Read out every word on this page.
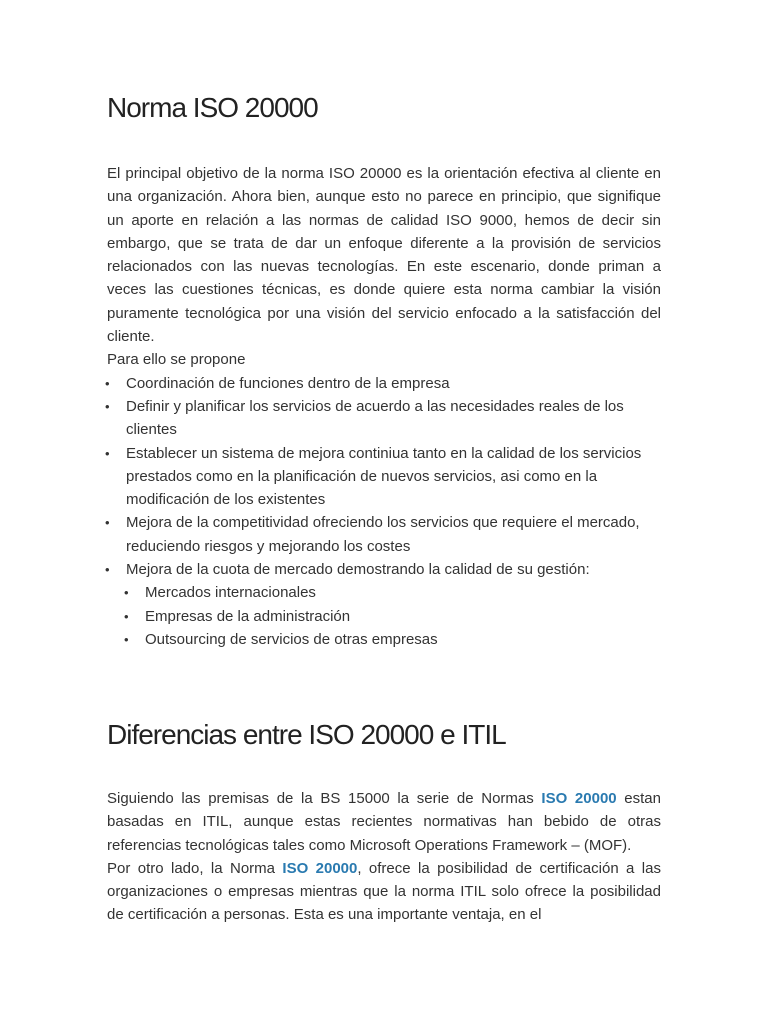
Norma ISO 20000

El principal objetivo de la norma ISO 20000 es la orientación efectiva al cliente en una organización. Ahora bien, aunque esto no parece en principio, que signifique un aporte en relación a las normas de calidad ISO 9000, hemos de decir sin embargo, que se trata de dar un enfoque diferente a la provisión de servicios relacionados con las nuevas tecnologías. En este escenario, donde priman a veces las cuestiones técnicas, es donde quiere esta norma cambiar la visión puramente tecnológica por una visión del servicio enfocado a la satisfacción del cliente.

Para ello se propone

• Coordinación de funciones dentro de la empresa
• Definir y planificar los servicios de acuerdo a las necesidades reales de los clientes
• Establecer un sistema de mejora continiua tanto en la calidad de los servicios prestados como en la planificación de nuevos servicios, asi como en la modificación de los existentes
• Mejora de la competitividad ofreciendo los servicios que requiere el mercado, reduciendo riesgos y mejorando los costes
• Mejora de la cuota de mercado demostrando la calidad de su gestión:
• Mercados internacionales
• Empresas de la administración
• Outsourcing de servicios de otras empresas
Diferencias entre ISO 20000 e ITIL

Siguiendo las premisas de la BS 15000 la serie de Normas ISO 20000 estan basadas en ITIL, aunque estas recientes normativas han bebido de otras referencias tecnológicas tales como Microsoft Operations Framework – (MOF).

Por otro lado, la Norma ISO 20000, ofrece la posibilidad de certificación a las organizaciones o empresas mientras que la norma ITIL solo ofrece la posibilidad de certificación a personas. Esta es una importante ventaja, en el
